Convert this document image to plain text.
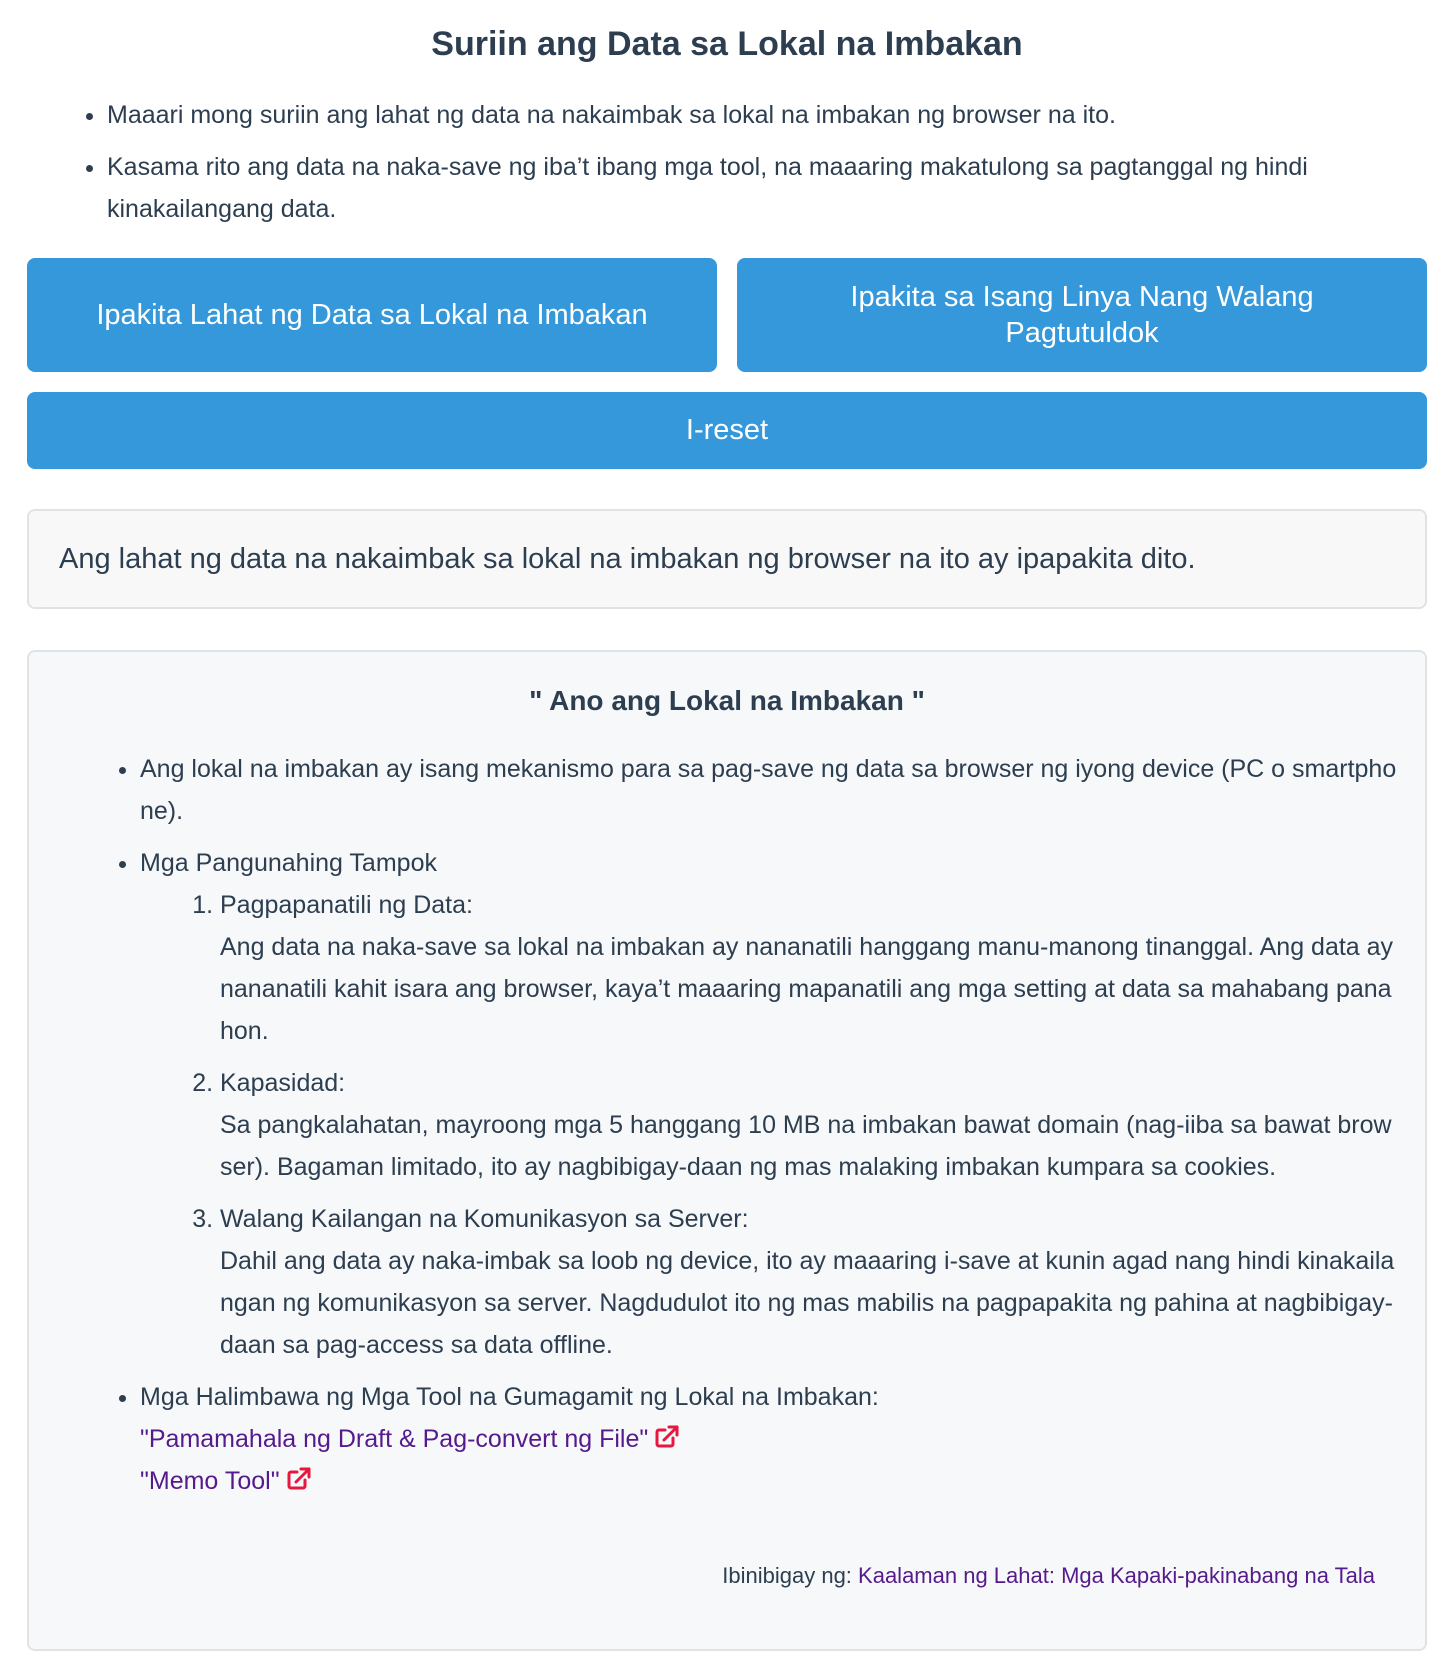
Suriin ang Data sa Lokal na Imbakan
• Maaari mong suriin ang lahat ng data na nakaimbak sa lokal na imbakan ng browser na ito.
• Kasama rito ang data na naka-save ng iba’t ibang mga tool, na maaaring makatulong sa pagtanggal ng hindi kinakailangang data.
Ipakita Lahat ng Data sa Lokal na Imbakan
Ipakita sa Isang Linya Nang Walang Pagtutuldok
I-reset
Ang lahat ng data na nakaimbak sa lokal na imbakan ng browser na ito ay ipapakita dito.
" Ano ang Lokal na Imbakan "
• Ang lokal na imbakan ay isang mekanismo para sa pag-save ng data sa browser ng iyong device (PC o smartphone).
• Mga Pangunahing Tampok
1. Pagpapanatili ng Data:
Ang data na naka-save sa lokal na imbakan ay nananatili hanggang manu-manong tinanggal. Ang data ay nananatili kahit isara ang browser, kaya’t maaaring mapanatili ang mga setting at data sa mahabang panahon.
2. Kapasidad:
Sa pangkalahatan, mayroong mga 5 hanggang 10 MB na imbakan bawat domain (nag-iiba sa bawat browser). Bagaman limitado, ito ay nagbibigay-daan ng mas malaking imbakan kumpara sa cookies.
3. Walang Kailangan na Komunikasyon sa Server:
Dahil ang data ay naka-imbak sa loob ng device, ito ay maaaring i-save at kunin agad nang hindi kinakailangan ng komunikasyon sa server. Nagdudulot ito ng mas mabilis na pagpapakita ng pahina at nagbibigay-daan sa pag-access sa data offline.
• Mga Halimbawa ng Mga Tool na Gumagamit ng Lokal na Imbakan:
"Pamamahala ng Draft & Pag-convert ng File"
"Memo Tool"
Ibinibigay ng: Kaalaman ng Lahat: Mga Kapaki-pakinabang na Tala
